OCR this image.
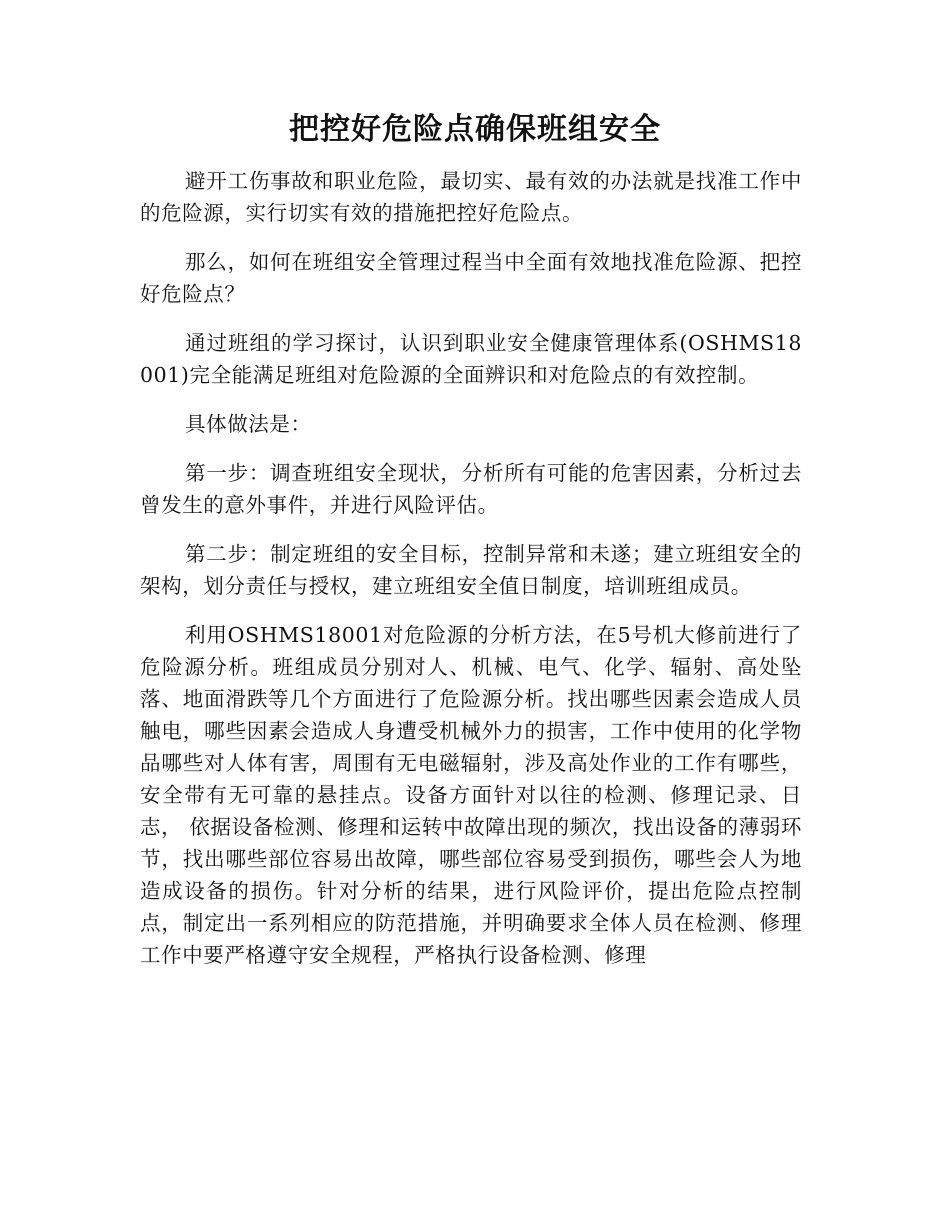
把控好危险点确保班组安全

避开工伤事故和职业危险，最切实、最有效的办法就是找准工作中的危险源，实行切实有效的措施把控好危险点。

那么，如何在班组安全管理过程当中全面有效地找准危险源、把控好危险点？

通过班组的学习探讨，认识到职业安全健康管理体系(OSHMS18001)完全能满足班组对危险源的全面辨识和对危险点的有效控制。

具体做法是：

第一步：调查班组安全现状，分析所有可能的危害因素，分析过去曾发生的意外事件，并进行风险评估。

第二步：制定班组的安全目标，控制异常和未遂；建立班组安全的架构，划分责任与授权，建立班组安全值日制度，培训班组成员。

利用OSHMS18001对危险源的分析方法，在5号机大修前进行了危险源分析。班组成员分别对人、机械、电气、化学、辐射、高处坠落、地面滑跌等几个方面进行了危险源分析。找出哪些因素会造成人员触电，哪些因素会造成人身遭受机械外力的损害，工作中使用的化学物品哪些对人体有害，周围有无电磁辐射，涉及高处作业的工作有哪些，安全带有无可靠的悬挂点。设备方面针对以往的检测、修理记录、日志， 依据设备检测、修理和运转中故障出现的频次，找出设备的薄弱环节，找出哪些部位容易出故障，哪些部位容易受到损伤，哪些会人为地造成设备的损伤。针对分析的结果，进行风险评价，提出危险点控制点，制定出一系列相应的防范措施，并明确要求全体人员在检测、修理工作中要严格遵守安全规程，严格执行设备检测、修理
